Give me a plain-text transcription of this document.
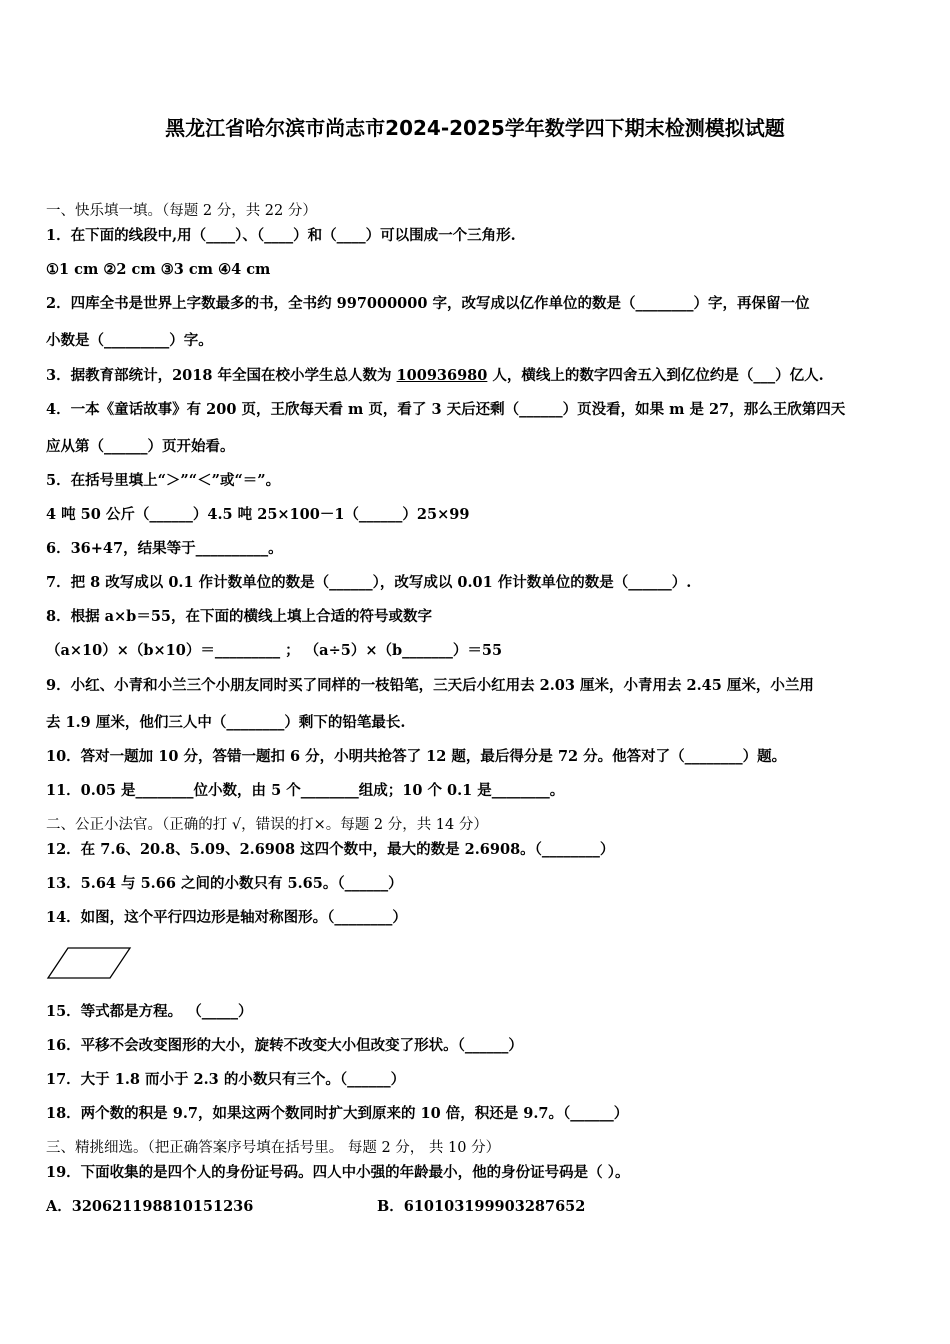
黑龙江省哈尔滨市尚志市2024-2025学年数学四下期末检测模拟试题
一、快乐填一填。（每题 2 分，共 22 分）
1．在下面的线段中,用（____）、（____）和（____）可以围成一个三角形.
①1 cm ②2 cm ③3 cm ④4 cm
2．四库全书是世界上字数最多的书，全书约 997000000 字，改写成以亿作单位的数是（________）字，再保留一位
小数是（_________）字。
3．据教育部统计，2018 年全国在校小学生总人数为 100936980 人，横线上的数字四舍五入到亿位约是（___）亿人.
4．一本《童话故事》有 200 页，王欣每天看 m 页，看了 3 天后还剩（______）页没看，如果 m 是 27，那么王欣第四天
应从第（______）页开始看。
5．在括号里填上“＞”“＜”或“＝”。
4 吨 50 公斤（______）4.5 吨 25×100－1（______）25×99
6．36+47，结果等于__________。
7．把 8 改写成以 0.1 作计数单位的数是（______），改写成以 0.01 作计数单位的数是（______）.
8．根据 a×b＝55，在下面的横线上填上合适的符号或数字
（a×10）×（b×10）＝_________ ； （a÷5）×（b_______）＝55
9．小红、小青和小兰三个小朋友同时买了同样的一枝铅笔，三天后小红用去 2.03 厘米，小青用去 2.45 厘米，小兰用
去 1.9 厘米，他们三人中（________）剩下的铅笔最长.
10．答对一题加 10 分，答错一题扣 6 分，小明共抢答了 12 题，最后得分是 72 分。他答对了（________）题。
11．0.05 是________位小数，由 5 个________组成；10 个 0.1 是________。
二、公正小法官。（正确的打 √，错误的打×。每题 2 分，共 14 分）
12．在 7.6、20.8、5.09、2.6908 这四个数中，最大的数是 2.6908。（________）
13．5.64 与 5.66 之间的小数只有 5.65。（______）
14．如图，这个平行四边形是轴对称图形。（________）
15．等式都是方程。 （_____）
16．平移不会改变图形的大小，旋转不改变大小但改变了形状。（______）
17．大于 1.8 而小于 2.3 的小数只有三个。（______）
18．两个数的积是 9.7，如果这两个数同时扩大到原来的 10 倍，积还是 9.7。（______）
三、精挑细选。（把正确答案序号填在括号里。 每题 2 分， 共 10 分）
19．下面收集的是四个人的身份证号码。四人中小强的年龄最小，他的身份证号码是（ ）。
A．320621198810151236	B．610103199903287652
